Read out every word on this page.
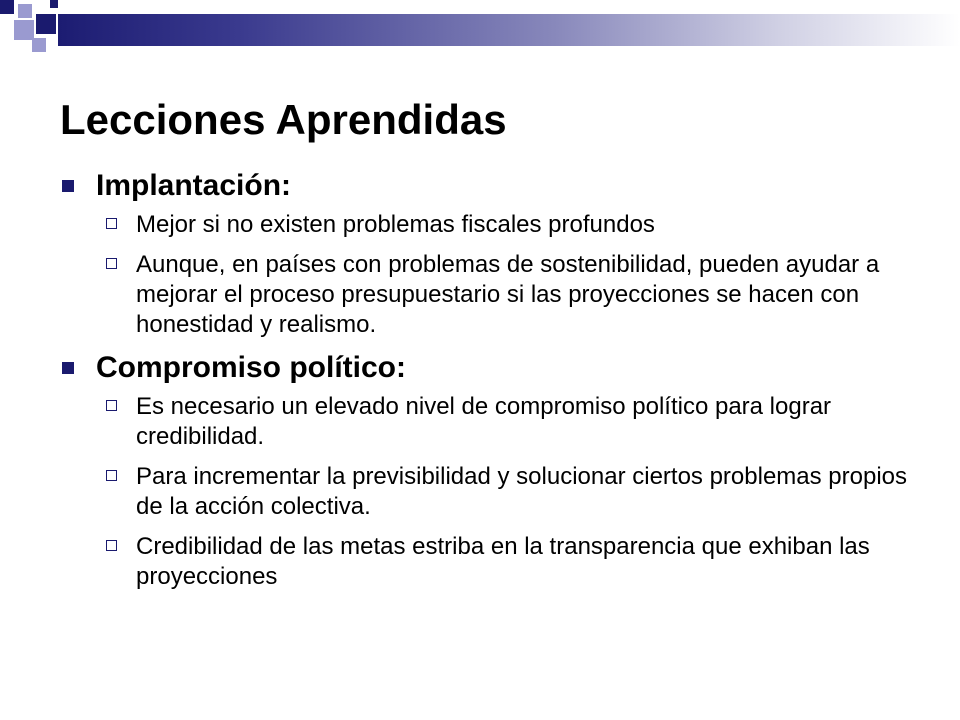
Lecciones Aprendidas
Implantación:
Mejor si no existen problemas fiscales profundos
Aunque, en países con problemas de sostenibilidad, pueden ayudar a mejorar el proceso presupuestario si las proyecciones se hacen con honestidad y realismo.
Compromiso político:
Es necesario un elevado nivel de compromiso político para lograr credibilidad.
Para incrementar la previsibilidad y solucionar ciertos problemas propios de la acción colectiva.
Credibilidad de las metas estriba en la transparencia que exhiban las proyecciones
